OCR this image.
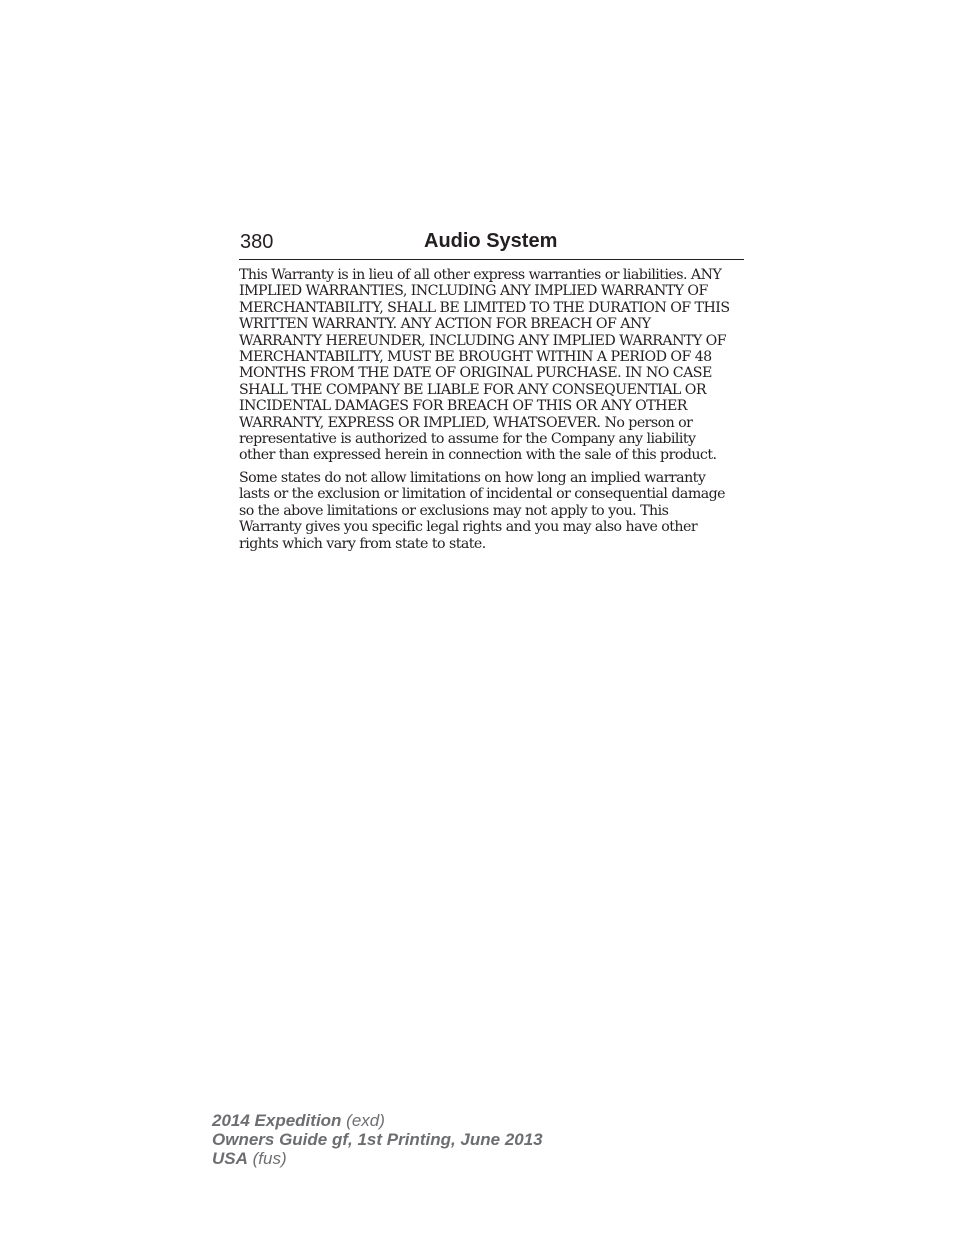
380	Audio System

This Warranty is in lieu of all other express warranties or liabilities. ANY
IMPLIED WARRANTIES, INCLUDING ANY IMPLIED WARRANTY OF
MERCHANTABILITY, SHALL BE LIMITED TO THE DURATION OF THIS
WRITTEN WARRANTY. ANY ACTION FOR BREACH OF ANY
WARRANTY HEREUNDER, INCLUDING ANY IMPLIED WARRANTY OF
MERCHANTABILITY, MUST BE BROUGHT WITHIN A PERIOD OF 48
MONTHS FROM THE DATE OF ORIGINAL PURCHASE. IN NO CASE
SHALL THE COMPANY BE LIABLE FOR ANY CONSEQUENTIAL OR
INCIDENTAL DAMAGES FOR BREACH OF THIS OR ANY OTHER
WARRANTY, EXPRESS OR IMPLIED, WHATSOEVER. No person or
representative is authorized to assume for the Company any liability
other than expressed herein in connection with the sale of this product.

Some states do not allow limitations on how long an implied warranty
lasts or the exclusion or limitation of incidental or consequential damage
so the above limitations or exclusions may not apply to you. This
Warranty gives you specific legal rights and you may also have other
rights which vary from state to state.

2014 Expedition (exd)
Owners Guide gf, 1st Printing, June 2013
USA (fus)
